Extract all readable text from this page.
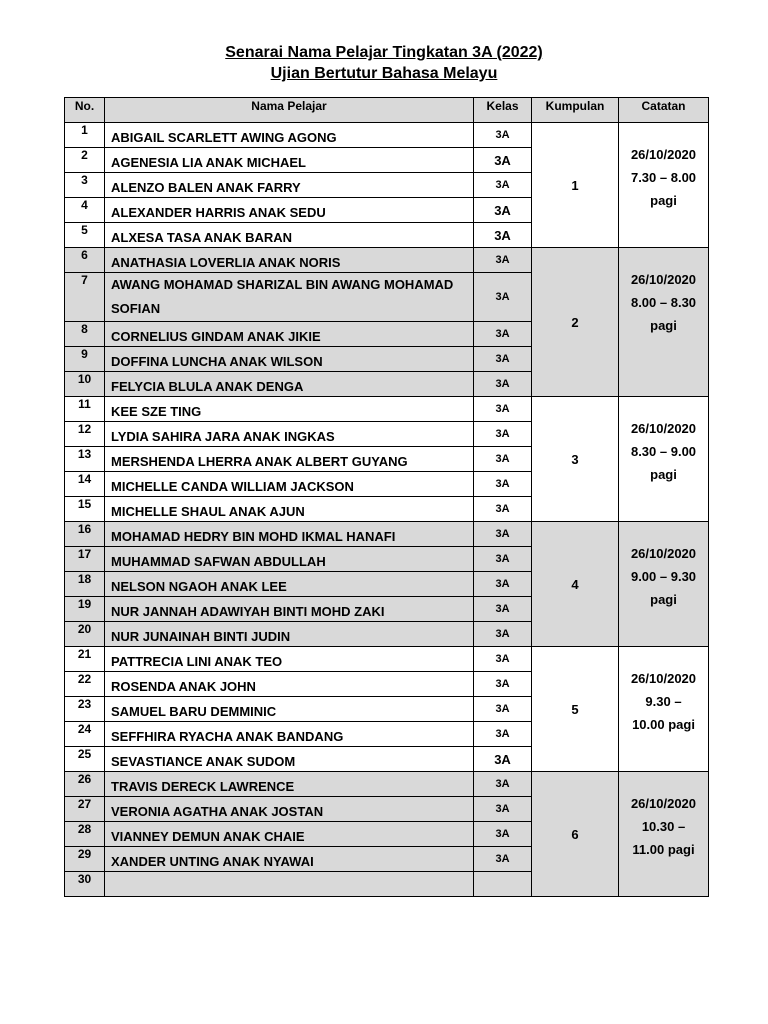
Senarai Nama Pelajar Tingkatan 3A (2022)
Ujian Bertutur Bahasa Melayu
No.	Nama Pelajar	Kelas	Kumpulan	Catatan
1	ABIGAIL SCARLETT AWING AGONG	3A	1	26/10/2020
7.30 – 8.00
pagi

2	AGENESIA LIA ANAK MICHAEL	3A		
3	ALENZO BALEN ANAK FARRY	3A		
4	ALEXANDER HARRIS ANAK SEDU	3A		
5	ALXESA TASA ANAK BARAN	3A		
6	ANATHASIA LOVERLIA ANAK NORIS	3A	2	26/10/2020
8.00 – 8.30
pagi

7	AWANG MOHAMAD SHARIZAL BIN AWANG MOHAMAD SOFIAN	3A		
8	CORNELIUS GINDAM ANAK JIKIE	3A		
9	DOFFINA LUNCHA ANAK WILSON	3A		
10	FELYCIA BLULA ANAK DENGA	3A		
11	KEE SZE TING	3A	3	26/10/2020
8.30 – 9.00
pagi

12	LYDIA SAHIRA JARA ANAK INGKAS	3A		
13	MERSHENDA LHERRA ANAK ALBERT GUYANG	3A		
14	MICHELLE CANDA WILLIAM JACKSON	3A		
15	MICHELLE SHAUL ANAK AJUN	3A		
16	MOHAMAD HEDRY BIN MOHD IKMAL HANAFI	3A	4	26/10/2020
9.00 – 9.30
pagi

17	MUHAMMAD SAFWAN ABDULLAH	3A		
18	NELSON NGAOH ANAK LEE	3A		
19	NUR JANNAH ADAWIYAH BINTI MOHD ZAKI	3A		
20	NUR JUNAINAH BINTI JUDIN	3A		
21	PATTRECIA LINI ANAK TEO	3A	5	26/10/2020
9.30 –
10.00 pagi

22	ROSENDA ANAK JOHN	3A		
23	SAMUEL BARU DEMMINIC	3A		
24	SEFFHIRA RYACHA ANAK BANDANG	3A		
25	SEVASTIANCE ANAK SUDOM	3A		
26	TRAVIS DERECK LAWRENCE	3A	6	26/10/2020
10.30 –
11.00 pagi

27	VERONIA AGATHA ANAK JOSTAN	3A		
28	VIANNEY DEMUN ANAK CHAIE	3A		
29	XANDER UNTING ANAK NYAWAI	3A		
30				
